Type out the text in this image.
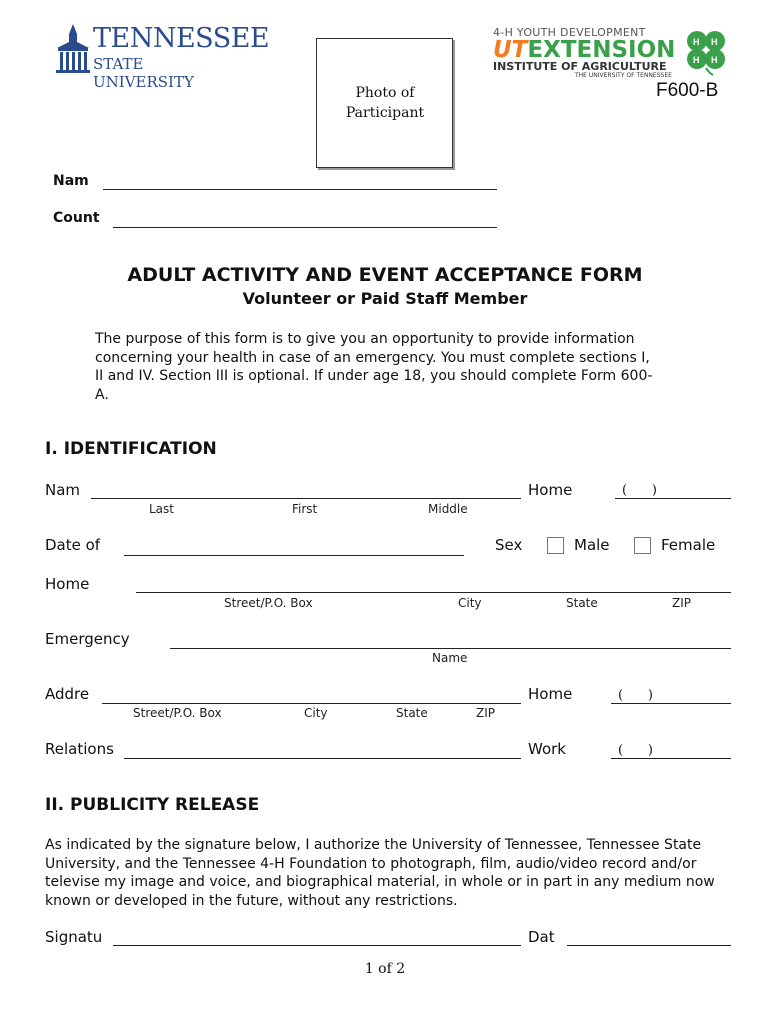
TENNESSEE
STATE UNIVERSITY
Photo of Participant
4-H YOUTH DEVELOPMENT
UTEXTENSION
INSTITUTE OF AGRICULTURE
THE UNIVERSITY OF TENNESSEE
H H
H H
F600-B
Nam
Count
ADULT ACTIVITY AND EVENT ACCEPTANCE FORM
Volunteer or Paid Staff Member
The purpose of this form is to give you an opportunity to provide information concerning your health in case of an emergency. You must complete sections I, II and IV. Section III is optional. If under age 18, you should complete Form 600-A.
I. IDENTIFICATION
Nam	Home	(      )
Last	First	Middle
Date of	Sex	Male	Female
Home
Street/P.O. Box	City	State	ZIP
Emergency
Name
Addre	Home	(      )
Street/P.O. Box	City	State	ZIP
Relations	Work	(      )
II. PUBLICITY RELEASE
As indicated by the signature below, I authorize the University of Tennessee, Tennessee State University, and the Tennessee 4-H Foundation to photograph, film, audio/video record and/or televise my image and voice, and biographical material, in whole or in part in any medium now known or developed in the future, without any restrictions.
Signatu	Dat
1 of 2
